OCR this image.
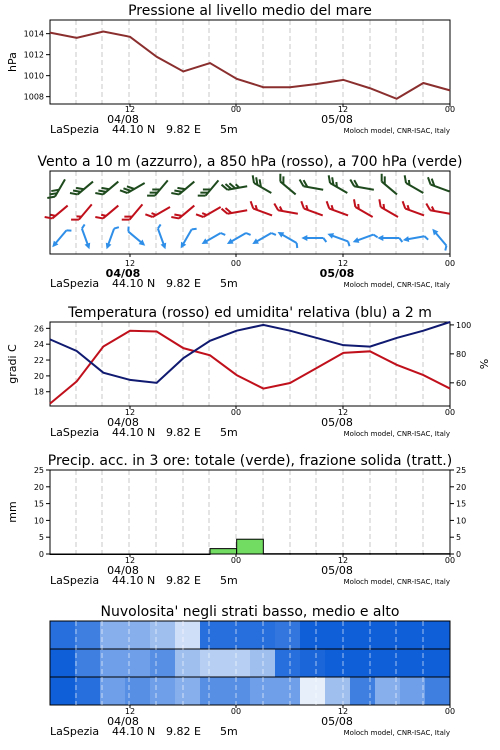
12	00	12	00
04/08	05/08
LaSpezia 44.10 N 9.82 E 5m	Moloch model, CNR-ISAC, Italy
Pressione al livello medio del mare
1014
1012
1010
1008
hPa
12	00	12	00
04/08	05/08
LaSpezia 44.10 N 9.82 E 5m	Moloch model, CNR-ISAC, Italy
Vento a 10 m (azzurro), a 850 hPa (rosso), a 700 hPa (verde)
12	00	12	00
04/08	05/08
LaSpezia 44.10 N 9.82 E 5m	Moloch model, CNR-ISAC, Italy
Temperatura (rosso) ed umidita' relativa (blu) a 2 m
26
24
22
20
18
100
80
60
gradi C	%
12	00	12	00
04/08	05/08
LaSpezia 44.10 N 9.82 E 5m	Moloch model, CNR-ISAC, Italy
Precip. acc. in 3 ore: totale (verde), frazione solida (tratt.)
25
20
15
10
5
0
25
20
15
10
5
0
mm
Nuvolosita' negli strati basso, medio e alto
12	00	12	00
04/08	05/08
LaSpezia 44.10 N 9.82 E 5m	Moloch model, CNR-ISAC, Italy
